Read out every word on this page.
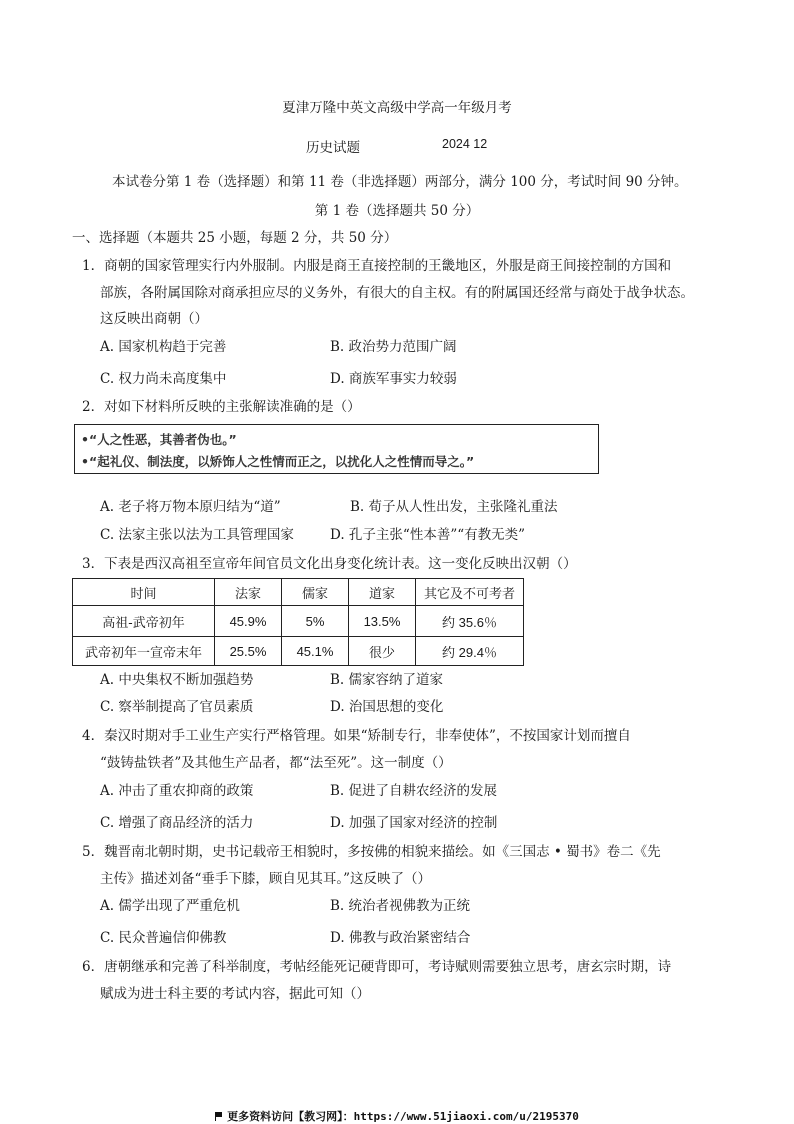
夏津万隆中英文高级中学高一年级月考
历史试题	2024 12
本试卷分第 1 卷（选择题）和第 11 卷（非选择题）两部分，满分 100 分，考试时间 90 分钟。
第 1 卷（选择题共 50 分）
一、选择题（本题共 25 小题，每题 2 分，共 50 分）
1．商朝的国家管理实行内外服制。内服是商王直接控制的王畿地区，外服是商王间接控制的方国和
部族，各附属国除对商承担应尽的义务外，有很大的自主权。有的附属国还经常与商处于战争状态。
这反映出商朝（）
A. 国家机构趋于完善	B. 政治势力范围广阔
C. 权力尚未高度集中	D. 商族军事实力较弱
2．对如下材料所反映的主张解读准确的是（）
•“人之性恶，其善者伪也。”
•“起礼仪、制法度，以矫饰人之性情而正之，以扰化人之性情而导之。”
A. 老子将万物本原归结为“道”	B. 荀子从人性出发，主张隆礼重法
C. 法家主张以法为工具管理国家	D. 孔子主张“性本善”“有教无类”
3．下表是西汉高祖至宣帝年间官员文化出身变化统计表。这一变化反映出汉朝（）
时间	法家	儒家	道家	其它及不可考者
高祖-武帝初年	45.9%	5%	13.5%	约 35.6％
武帝初年一宣帝末年	25.5%	45.1%	很少	约 29.4％
A. 中央集权不断加强趋势	B. 儒家容纳了道家
C. 察举制提高了官员素质	D. 治国思想的变化
4．秦汉时期对手工业生产实行严格管理。如果“矫制专行，非奉使体”，不按国家计划而擅自
“鼓铸盐铁者”及其他生产品者，都“法至死”。这一制度（）
A. 冲击了重农抑商的政策	B. 促进了自耕农经济的发展
C. 增强了商品经济的活力	D. 加强了国家对经济的控制
5．魏晋南北朝时期，史书记载帝王相貌时，多按佛的相貌来描绘。如《三国志 • 蜀书》卷二《先
主传》描述刘备“垂手下膝，顾自见其耳。”这反映了（）
A. 儒学出现了严重危机	B. 统治者视佛教为正统
C. 民众普遍信仰佛教	D. 佛教与政治紧密结合
6．唐朝继承和完善了科举制度，考帖经能死记硬背即可，考诗赋则需要独立思考，唐玄宗时期，诗
赋成为进士科主要的考试内容，据此可知（）
更多资料访问【教习网】：https://www.51jiaoxi.com/u/2195370
